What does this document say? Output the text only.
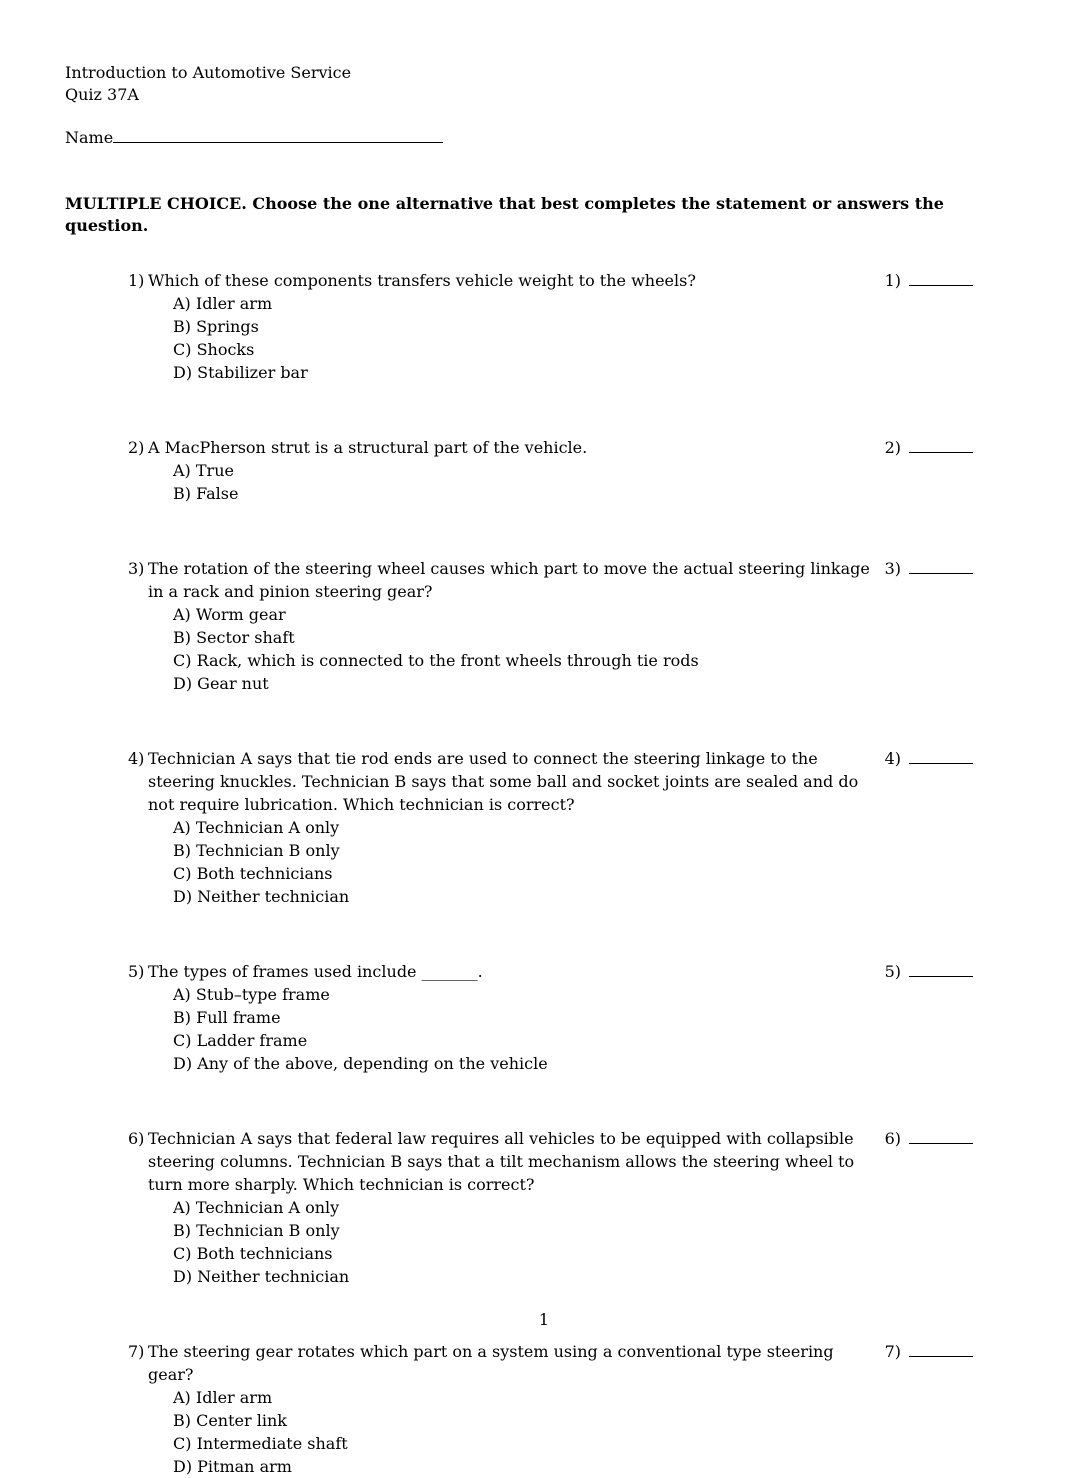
Introduction to Automotive Service
Quiz 37A
Name
MULTIPLE CHOICE. Choose the one alternative that best completes the statement or answers the question.
1) Which of these components transfers vehicle weight to the wheels?
A) Idler arm
B) Springs
C) Shocks
D) Stabilizer bar
1)
2) A MacPherson strut is a structural part of the vehicle.
A) True
B) False
2)
3) The rotation of the steering wheel causes which part to move the actual steering linkage in a rack and pinion steering gear?
A) Worm gear
B) Sector shaft
C) Rack, which is connected to the front wheels through tie rods
D) Gear nut
3)
4) Technician A says that tie rod ends are used to connect the steering linkage to the steering knuckles. Technician B says that some ball and socket joints are sealed and do not require lubrication. Which technician is correct?
A) Technician A only
B) Technician B only
C) Both technicians
D) Neither technician
4)
5) The types of frames used include _______.
A) Stub–type frame
B) Full frame
C) Ladder frame
D) Any of the above, depending on the vehicle
5)
6) Technician A says that federal law requires all vehicles to be equipped with collapsible steering columns. Technician B says that a tilt mechanism allows the steering wheel to turn more sharply. Which technician is correct?
A) Technician A only
B) Technician B only
C) Both technicians
D) Neither technician
6)
7) The steering gear rotates which part on a system using a conventional type steering gear?
A) Idler arm
B) Center link
C) Intermediate shaft
D) Pitman arm
7)
1
